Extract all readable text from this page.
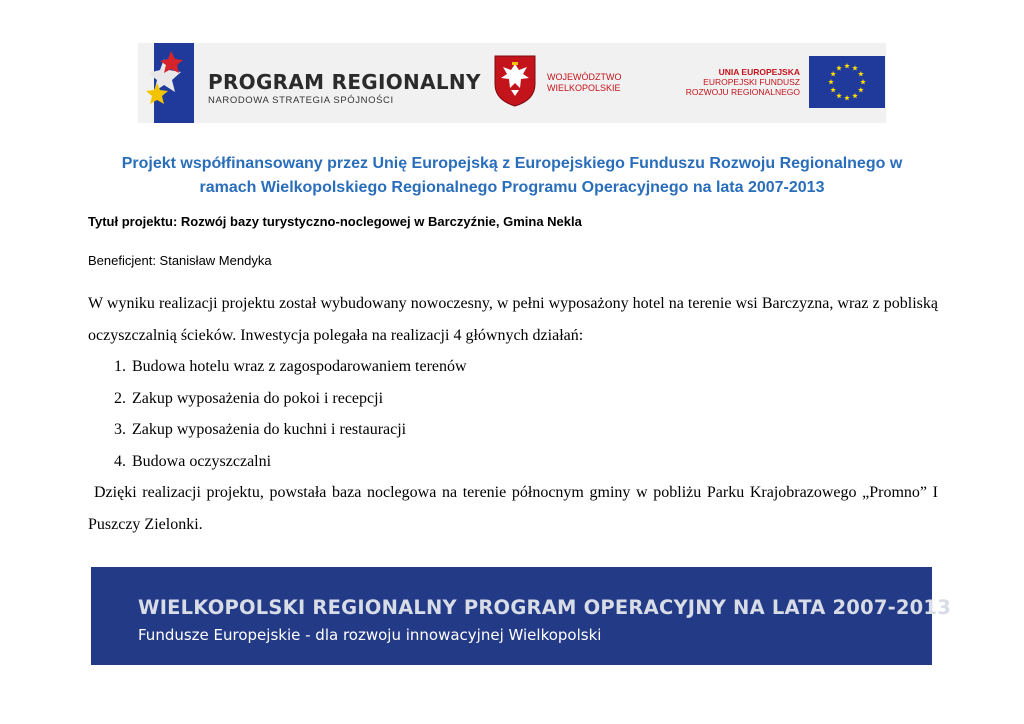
PROGRAM REGIONALNY
NARODOWA STRATEGIA SPÓJNOŚCI
WOJEWÓDZTWO
WIELKOPOLSKIE
UNIA EUROPEJSKA
EUROPEJSKI FUNDUSZ
ROZWOJU REGIONALNEGO
Projekt współfinansowany przez Unię Europejską z Europejskiego Funduszu Rozwoju Regionalnego w
ramach Wielkopolskiego Regionalnego Programu Operacyjnego na lata 2007-2013
Tytuł projektu: Rozwój bazy turystyczno-noclegowej w Barczyźnie, Gmina Nekla
Beneficjent: Stanisław Mendyka

W wyniku realizacji projektu został wybudowany nowoczesny, w pełni wyposażony hotel na terenie wsi Barczyzna, wraz z pobliską oczyszczalnią ścieków. Inwestycja polegała na realizacji 4 głównych działań:

1. Budowa hotelu wraz z zagospodarowaniem terenów
2. Zakup wyposażenia do pokoi i recepcji
3. Zakup wyposażenia do kuchni i restauracji
4. Budowa oczyszczalni

Dzięki realizacji projektu, powstała baza noclegowa na terenie północnym gminy w pobliżu Parku Krajobrazowego „Promno” I Puszczy Zielonki.

WIELKOPOLSKI REGIONALNY PROGRAM OPERACYJNY NA LATA 2007-2013
Fundusze Europejskie - dla rozwoju innowacyjnej Wielkopolski
